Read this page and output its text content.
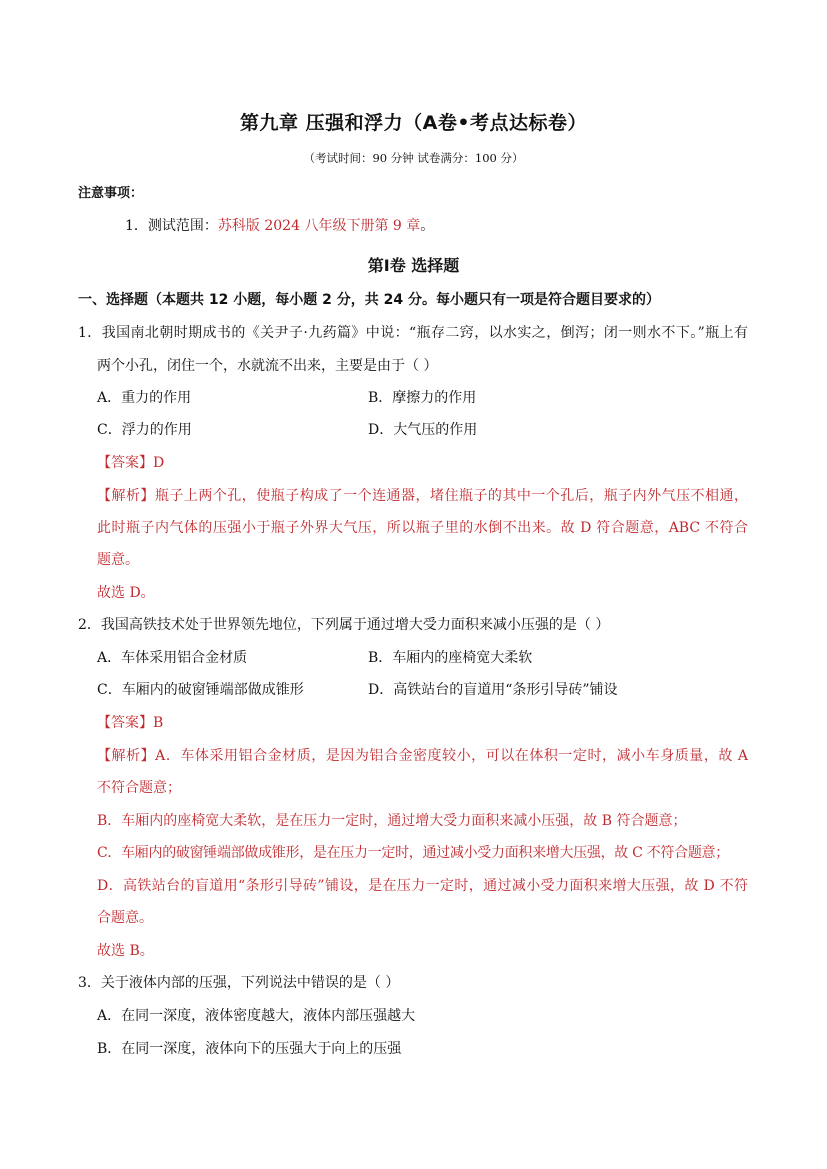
第九章 压强和浮力（A卷•考点达标卷）
（考试时间：90 分钟 试卷满分：100 分）
注意事项：
1．测试范围：苏科版 2024 八年级下册第 9 章。
第Ⅰ卷 选择题
一、选择题（本题共 12 小题，每小题 2 分，共 24 分。每小题只有一项是符合题目要求的）
1．我国南北朝时期成书的《关尹子·九药篇》中说：“瓶存二窍，以水实之，倒泻；闭一则水不下。”瓶上有
两个小孔，闭住一个，水就流不出来，主要是由于（ ）
A．重力的作用	B．摩擦力的作用
C．浮力的作用	D．大气压的作用
【答案】D
【解析】瓶子上两个孔，使瓶子构成了一个连通器，堵住瓶子的其中一个孔后，瓶子内外气压不相通，
此时瓶子内气体的压强小于瓶子外界大气压，所以瓶子里的水倒不出来。故 D 符合题意，ABC 不符合
题意。
故选 D。
2．我国高铁技术处于世界领先地位，下列属于通过增大受力面积来减小压强的是（ ）
A．车体采用铝合金材质	B．车厢内的座椅宽大柔软
C．车厢内的破窗锤端部做成锥形	D．高铁站台的盲道用“条形引导砖”铺设
【答案】B
【解析】A．车体采用铝合金材质，是因为铝合金密度较小，可以在体积一定时，减小车身质量，故 A
不符合题意；
B．车厢内的座椅宽大柔软，是在压力一定时，通过增大受力面积来减小压强，故 B 符合题意；
C．车厢内的破窗锤端部做成锥形，是在压力一定时，通过减小受力面积来增大压强，故 C 不符合题意；
D．高铁站台的盲道用“条形引导砖”铺设，是在压力一定时，通过减小受力面积来增大压强，故 D 不符
合题意。
故选 B。
3．关于液体内部的压强，下列说法中错误的是（ ）
A．在同一深度，液体密度越大，液体内部压强越大
B．在同一深度，液体向下的压强大于向上的压强
